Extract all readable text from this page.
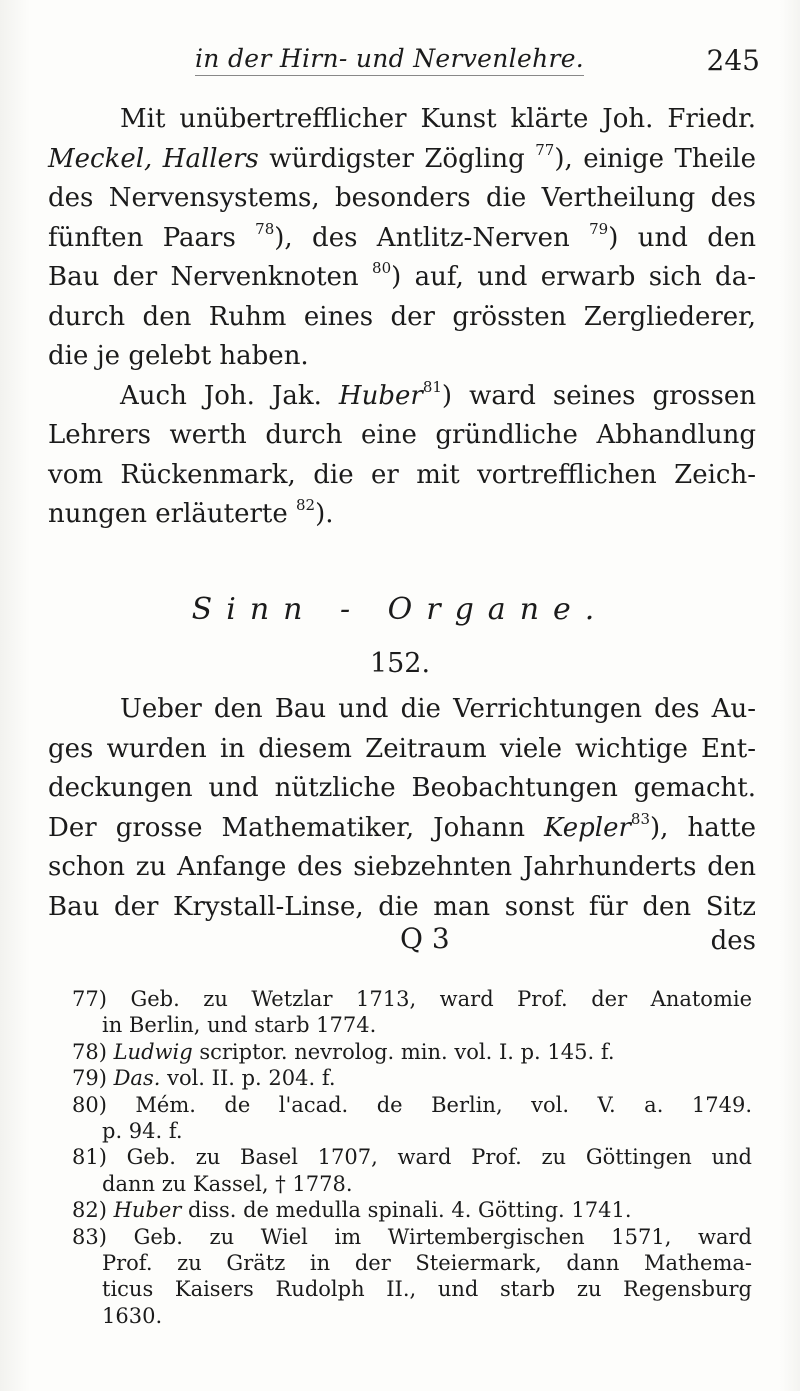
in der Hirn- und Nervenlehre.	245

Mit unübertrefflicher Kunst klärte Joh. Friedr.
Meckel, Hallers würdigster Zögling $^{77}$), einige Theile
des Nervensystems, besonders die Vertheilung des
fünften Paars $^{78}$), des Antlitz-Nerven $^{79}$) und den
Bau der Nervenknoten $^{80}$) auf, und erwarb sich da-
durch den Ruhm eines der grössten Zergliederer,
die je gelebt haben.

Auch Joh. Jak. Huber$^{81}$) ward seines grossen
Lehrers werth durch eine gründliche Abhandlung
vom Rückenmark, die er mit vortrefflichen Zeich-
nungen erläuterte $^{82}$).

Sinn - Organe.
152.

Ueber den Bau und die Verrichtungen des Au-
ges wurden in diesem Zeitraum viele wichtige Ent-
deckungen und nützliche Beobachtungen gemacht.
Der grosse Mathematiker, Johann Kepler$^{83}$), hatte
schon zu Anfange des siebzehnten Jahrhunderts den
Bau der Krystall-Linse, die man sonst für den Sitz

Q 3	des
77) Geb. zu Wetzlar 1713, ward Prof. der Anatomie
in Berlin, und starb 1774.
78) Ludwig scriptor. nevrolog. min. vol. I. p. 145. f.
79) Das. vol. II. p. 204. f.
80) Mém. de l'acad. de Berlin, vol. V. a. 1749.
p. 94. f.
81) Geb. zu Basel 1707, ward Prof. zu Göttingen und
dann zu Kassel, † 1778.
82) Huber diss. de medulla spinali. 4. Götting. 1741.
83) Geb. zu Wiel im Wirtembergischen 1571, ward
Prof. zu Grätz in der Steiermark, dann Mathema-
ticus Kaisers Rudolph II., und starb zu Regensburg
1630.
